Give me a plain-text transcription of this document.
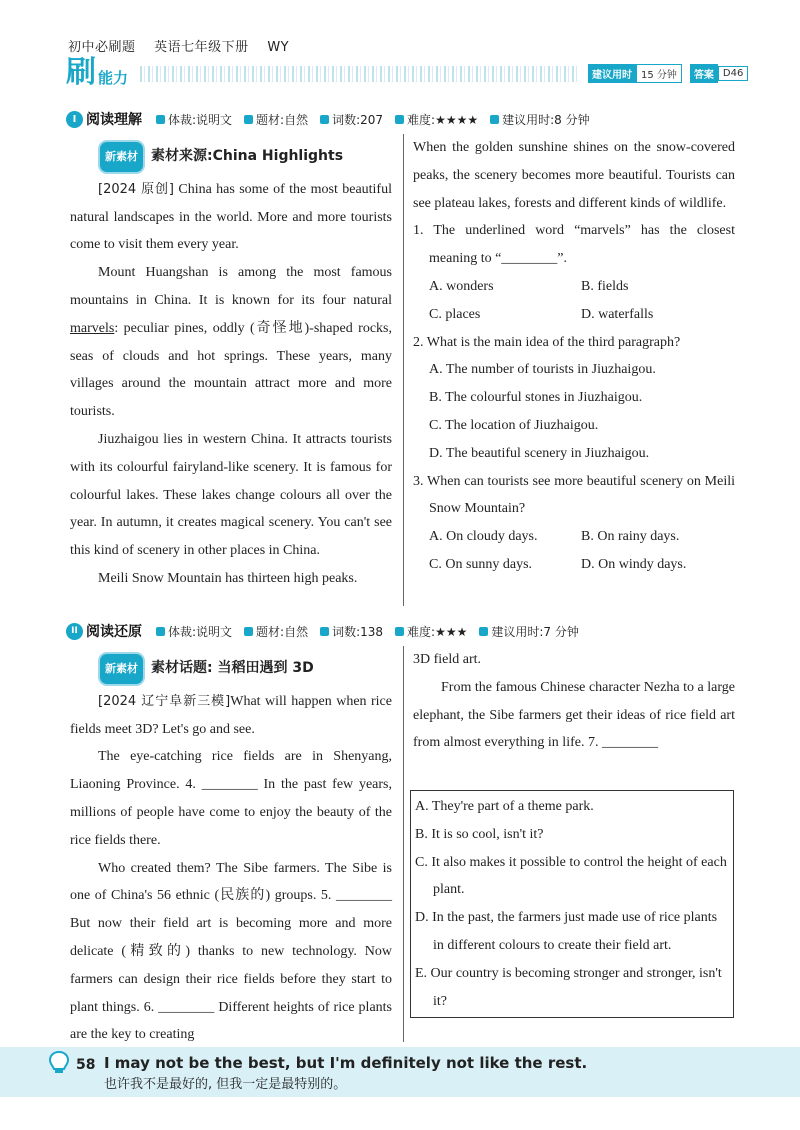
初中必刷题 英语七年级下册 WY
刷 能力	建议用时 15 分钟	答案 D46
I 阅读理解 体裁:说明文 题材:自然 词数:207 难度:★★★★ 建议用时:8 分钟
新素材 素材来源:China Highlights

[2024 原创] China has some of the most beautiful natural landscapes in the world. More and more tourists come to visit them every year.

Mount Huangshan is among the most famous mountains in China. It is known for its four natural marvels: peculiar pines, oddly (奇怪地)-shaped rocks, seas of clouds and hot springs. These years, many villages around the mountain attract more and more tourists.

Jiuzhaigou lies in western China. It attracts tourists with its colourful fairyland-like scenery. It is famous for colourful lakes. These lakes change colours all over the year. In autumn, it creates magical scenery. You can't see this kind of scenery in other places in China.

Meili Snow Mountain has thirteen high peaks.

When the golden sunshine shines on the snow-covered peaks, the scenery becomes more beautiful. Tourists can see plateau lakes, forests and different kinds of wildlife.

1. The underlined word “marvels” has the closest meaning to “________”.

A. wonders	B. fields
C. places	D. waterfalls

2. What is the main idea of the third paragraph?

A. The number of tourists in Jiuzhaigou.
B. The colourful stones in Jiuzhaigou.
C. The location of Jiuzhaigou.
D. The beautiful scenery in Jiuzhaigou.

3. When can tourists see more beautiful scenery on Meili Snow Mountain?

A. On cloudy days.	B. On rainy days.
C. On sunny days.	D. On windy days.
II 阅读还原 体裁:说明文 题材:自然 词数:138 难度:★★★ 建议用时:7 分钟
新素材 素材话题: 当稻田遇到 3D

[2024 辽宁阜新三模]What will happen when rice fields meet 3D? Let's go and see.

The eye-catching rice fields are in Shenyang, Liaoning Province. 4. ________ In the past few years, millions of people have come to enjoy the beauty of the rice fields there.

Who created them? The Sibe farmers. The Sibe is one of China's 56 ethnic (民族的) groups. 5. ________ But now their field art is becoming more and more delicate (精致的) thanks to new technology. Now farmers can design their rice fields before they start to plant things. 6. ________ Different heights of rice plants are the key to creating

3D field art.

From the famous Chinese character Nezha to a large elephant, the Sibe farmers get their ideas of rice field art from almost everything in life. 7. ________

A. They're part of a theme park.

B. It is so cool, isn't it?

C. It also makes it possible to control the height of each plant.

D. In the past, the farmers just made use of rice plants in different colours to create their field art.

E. Our country is becoming stronger and stronger, isn't it?

58 I may not be the best, but I'm definitely not like the rest.
也许我不是最好的, 但我一定是最特别的。
